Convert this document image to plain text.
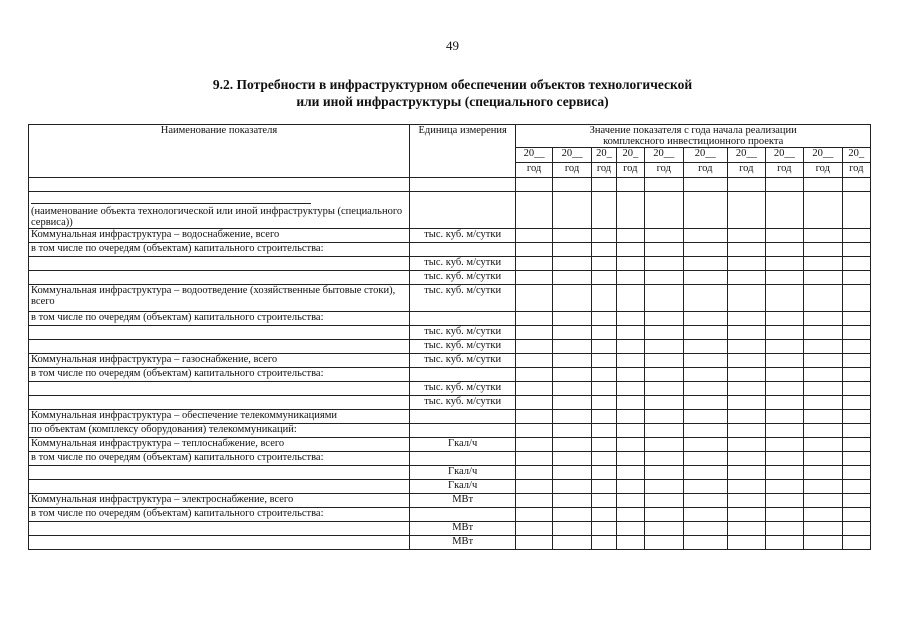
49
9.2. Потребности в инфраструктурном обеспечении объектов технологической
или иной инфраструктуры (специального сервиса)
Наименование показателя	Единица измерения	Значение показателя с года начала реализации
комплексного инвестиционного проекта									

		20__	20__	20_	20_	20__	20__	20__	20__	20__	20_
		год	год	год	год	год	год	год	год	год	год

(наименование объекта технологической или иной инфраструктуры (специального сервиса))											
Коммунальная инфраструктура – водоснабжение, всего	тыс. куб. м/сутки										
в том числе по очередям (объектам) капитального строительства:											
	тыс. куб. м/сутки										
	тыс. куб. м/сутки										
Коммунальная инфраструктура – водоотведение (хозяйственные бытовые стоки), всего	тыс. куб. м/сутки										
в том числе по очередям (объектам) капитального строительства:											
	тыс. куб. м/сутки										
	тыс. куб. м/сутки										
Коммунальная инфраструктура – газоснабжение, всего	тыс. куб. м/сутки										
в том числе по очередям (объектам) капитального строительства:											
	тыс. куб. м/сутки										
	тыс. куб. м/сутки										
Коммунальная инфраструктура – обеспечение телекоммуникациями											
по объектам (комплексу оборудования) телекоммуникаций:											
Коммунальная инфраструктура – теплоснабжение, всего	Гкал/ч										
в том числе по очередям (объектам) капитального строительства:											
	Гкал/ч										
	Гкал/ч										
Коммунальная инфраструктура – электроснабжение, всего	МВт										
в том числе по очередям (объектам) капитального строительства:											
	МВт										
	МВт										
